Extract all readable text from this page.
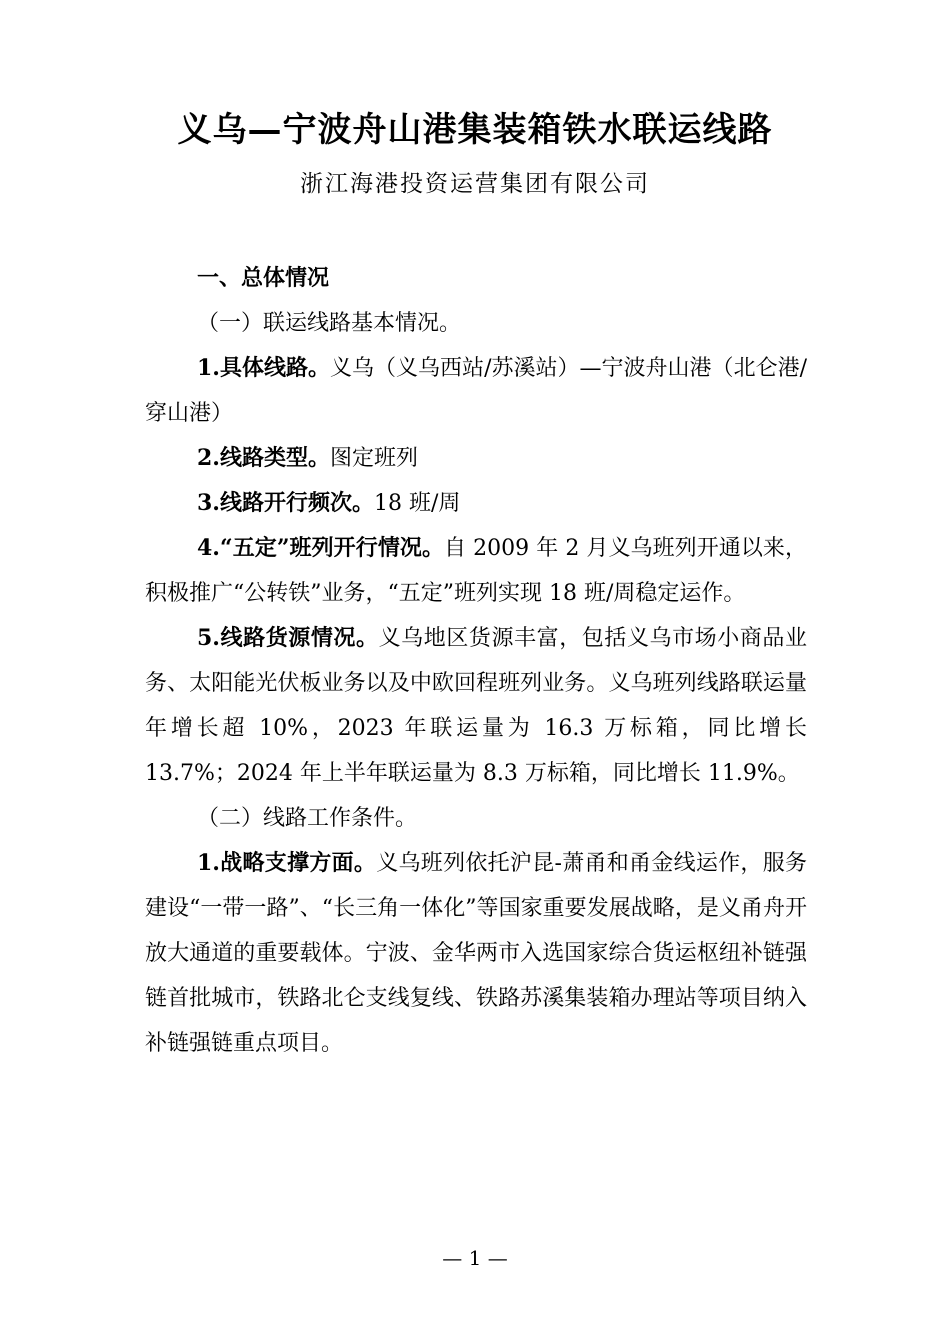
义乌—宁波舟山港集装箱铁水联运线路
浙江海港投资运营集团有限公司

一、总体情况

（一）联运线路基本情况。

1.具体线路。义乌（义乌西站/苏溪站）—宁波舟山港（北仑港/穿山港）

2.线路类型。图定班列

3.线路开行频次。18 班/周

4.“五定”班列开行情况。自 2009 年 2 月义乌班列开通以来，积极推广“公转铁”业务，“五定”班列实现 18 班/周稳定运作。

5.线路货源情况。义乌地区货源丰富，包括义乌市场小商品业务、太阳能光伏板业务以及中欧回程班列业务。义乌班列线路联运量年增长超 10%，2023 年联运量为 16.3 万标箱，同比增长 13.7%；2024 年上半年联运量为 8.3 万标箱，同比增长 11.9%。

（二）线路工作条件。

1.战略支撑方面。义乌班列依托沪昆-萧甬和甬金线运作，服务建设“一带一路”、“长三角一体化”等国家重要发展战略，是义甬舟开放大通道的重要载体。宁波、金华两市入选国家综合货运枢纽补链强链首批城市，铁路北仑支线复线、铁路苏溪集装箱办理站等项目纳入补链强链重点项目。

— 1 —
